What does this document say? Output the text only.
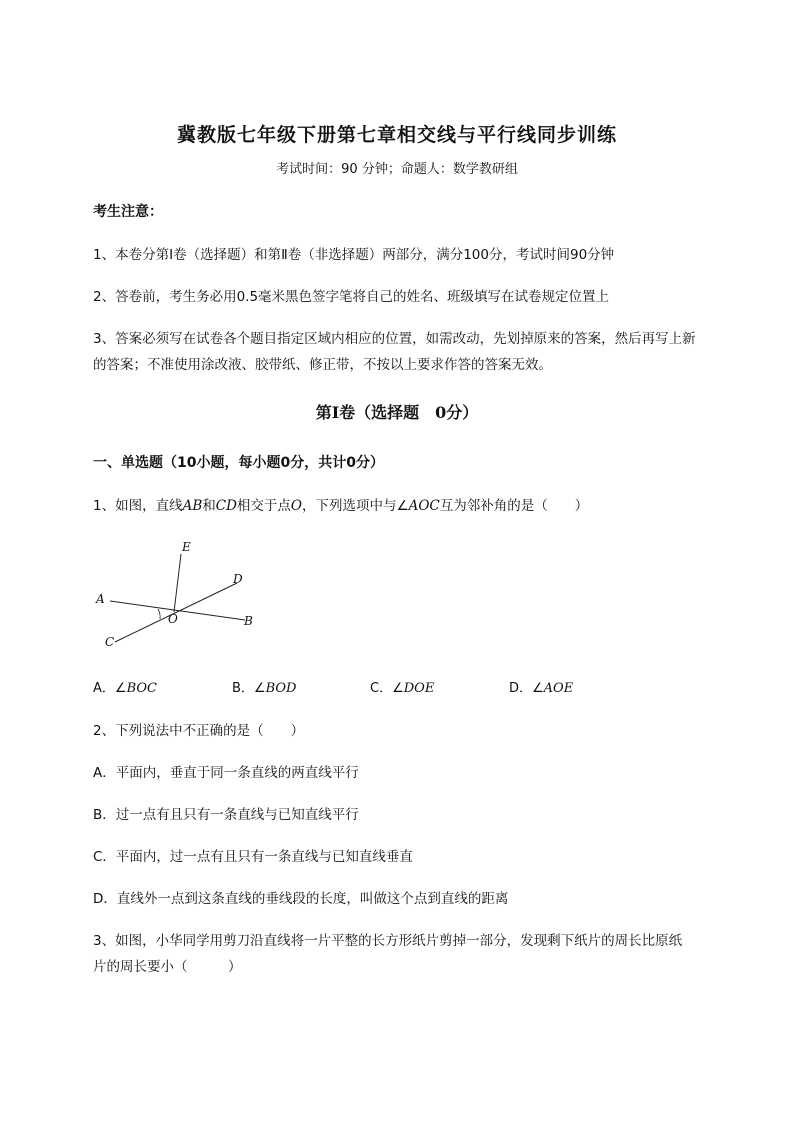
冀教版七年级下册第七章相交线与平行线同步训练
考试时间：90 分钟；命题人：数学教研组
考生注意：
1、本卷分第Ⅰ卷（选择题）和第Ⅱ卷（非选择题）两部分，满分100分，考试时间90分钟
2、答卷前，考生务必用0.5毫米黑色签字笔将自己的姓名、班级填写在试卷规定位置上
3、答案必须写在试卷各个题目指定区域内相应的位置，如需改动，先划掉原来的答案，然后再写上新
的答案；不准使用涂改液、胶带纸、修正带，不按以上要求作答的答案无效。
第Ⅰ卷（选择题　0分）
一、单选题（10小题，每小题0分，共计0分）
1、如图，直线AB和CD相交于点O，下列选项中与∠AOC互为邻补角的是（　　）
E
D
A
O	B
C
A．∠BOC	B．∠BOD	C．∠DOE	D．∠AOE
2、下列说法中不正确的是（　　）
A．平面内，垂直于同一条直线的两直线平行
B．过一点有且只有一条直线与已知直线平行
C．平面内，过一点有且只有一条直线与已知直线垂直
D．直线外一点到这条直线的垂线段的长度，叫做这个点到直线的距离
3、如图，小华同学用剪刀沿直线将一片平整的长方形纸片剪掉一部分，发现剩下纸片的周长比原纸
片的周长要小（　　　）
